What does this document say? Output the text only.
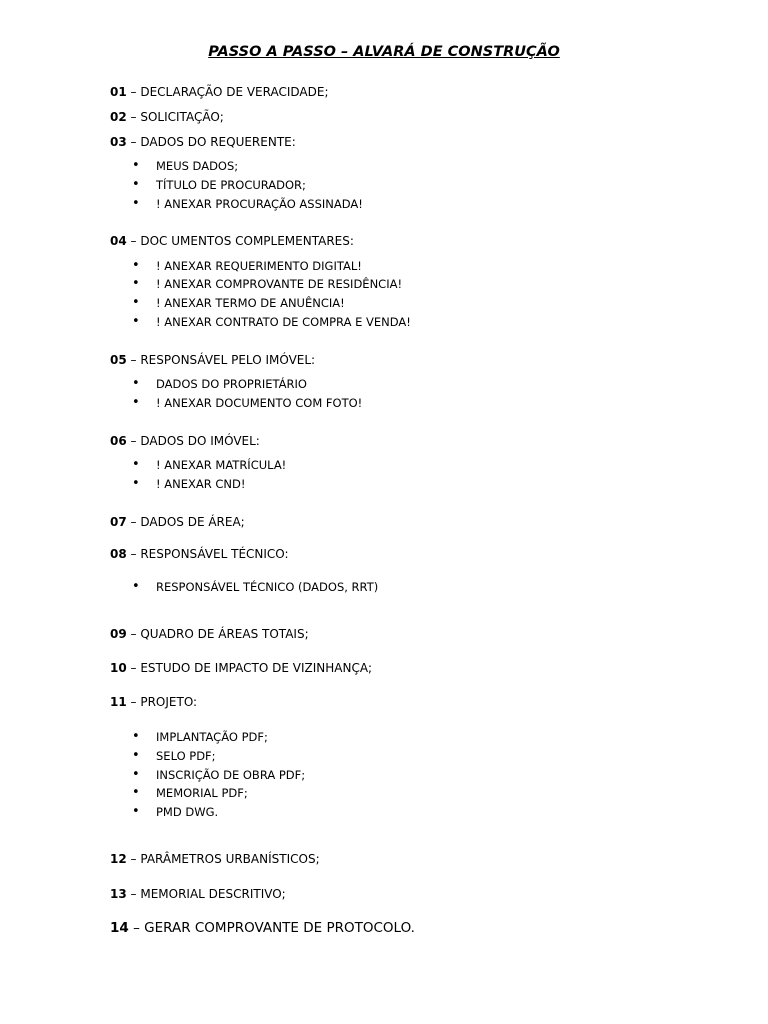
PASSO A PASSO – ALVARÁ DE CONSTRUÇÃO
01 – DECLARAÇÃO DE VERACIDADE;
02 – SOLICITAÇÃO;
03 – DADOS DO REQUERENTE:
• MEUS DADOS;
• TÍTULO DE PROCURADOR;
• ! ANEXAR PROCURAÇÃO ASSINADA!
04 – DOC UMENTOS COMPLEMENTARES:
• ! ANEXAR REQUERIMENTO DIGITAL!
• ! ANEXAR COMPROVANTE DE RESIDÊNCIA!
• ! ANEXAR TERMO DE ANUÊNCIA!
• ! ANEXAR CONTRATO DE COMPRA E VENDA!
05 – RESPONSÁVEL PELO IMÓVEL:
• DADOS DO PROPRIETÁRIO
• ! ANEXAR DOCUMENTO COM FOTO!
06 – DADOS DO IMÓVEL:
• ! ANEXAR MATRÍCULA!
• ! ANEXAR CND!
07 – DADOS DE ÁREA;
08 – RESPONSÁVEL TÉCNICO:
• RESPONSÁVEL TÉCNICO (DADOS, RRT)
09 – QUADRO DE ÁREAS TOTAIS;
10 – ESTUDO DE IMPACTO DE VIZINHANÇA;
11 – PROJETO:
• IMPLANTAÇÃO PDF;
• SELO PDF;
• INSCRIÇÃO DE OBRA PDF;
• MEMORIAL PDF;
• PMD DWG.
12 – PARÂMETROS URBANÍSTICOS;
13 – MEMORIAL DESCRITIVO;
14 – GERAR COMPROVANTE DE PROTOCOLO.
